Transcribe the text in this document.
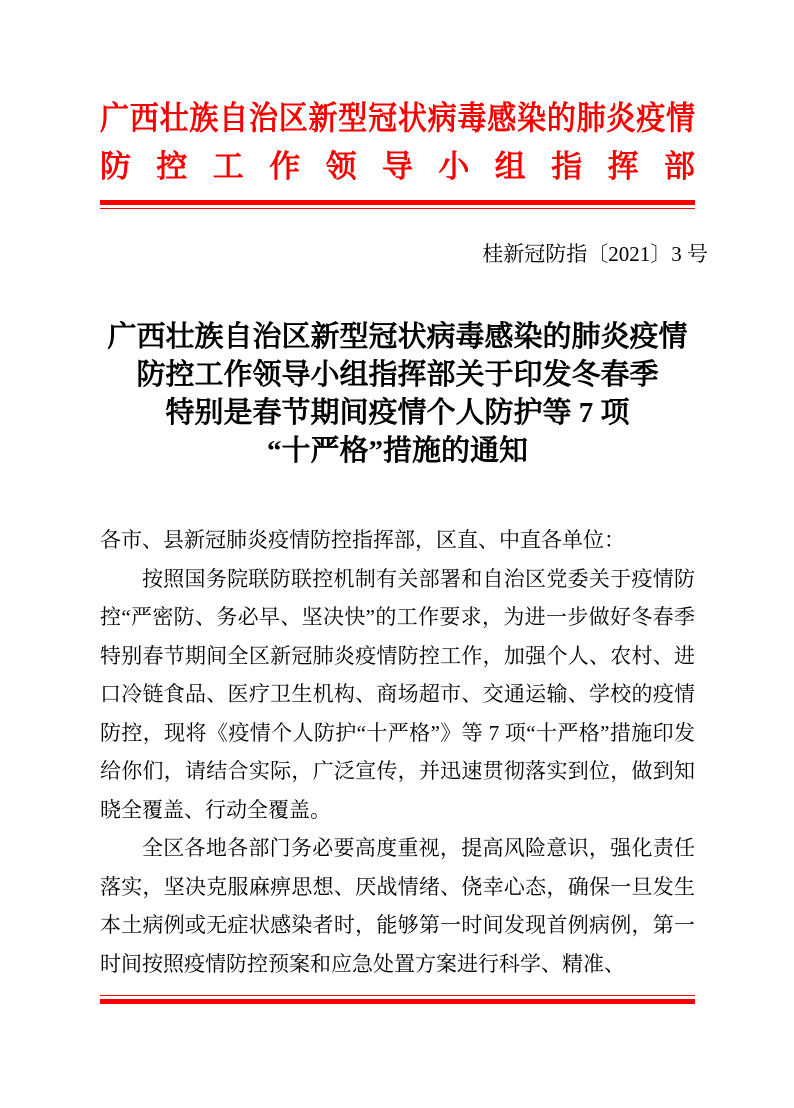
广西壮族自治区新型冠状病毒感染的肺炎疫情
防控工作领导小组指挥部
桂新冠防指〔2021〕3 号
广西壮族自治区新型冠状病毒感染的肺炎疫情
防控工作领导小组指挥部关于印发冬春季
特别是春节期间疫情个人防护等 7 项
“十严格”措施的通知

各市、县新冠肺炎疫情防控指挥部，区直、中直各单位：

按照国务院联防联控机制有关部署和自治区党委关于疫情防控“严密防、务必早、坚决快”的工作要求，为进一步做好冬春季特别春节期间全区新冠肺炎疫情防控工作，加强个人、农村、进口冷链食品、医疗卫生机构、商场超市、交通运输、学校的疫情防控，现将《疫情个人防护“十严格”》等 7 项“十严格”措施印发给你们，请结合实际，广泛宣传，并迅速贯彻落实到位，做到知晓全覆盖、行动全覆盖。

全区各地各部门务必要高度重视，提高风险意识，强化责任落实，坚决克服麻痹思想、厌战情绪、侥幸心态，确保一旦发生本土病例或无症状感染者时，能够第一时间发现首例病例，第一时间按照疫情防控预案和应急处置方案进行科学、精准、
